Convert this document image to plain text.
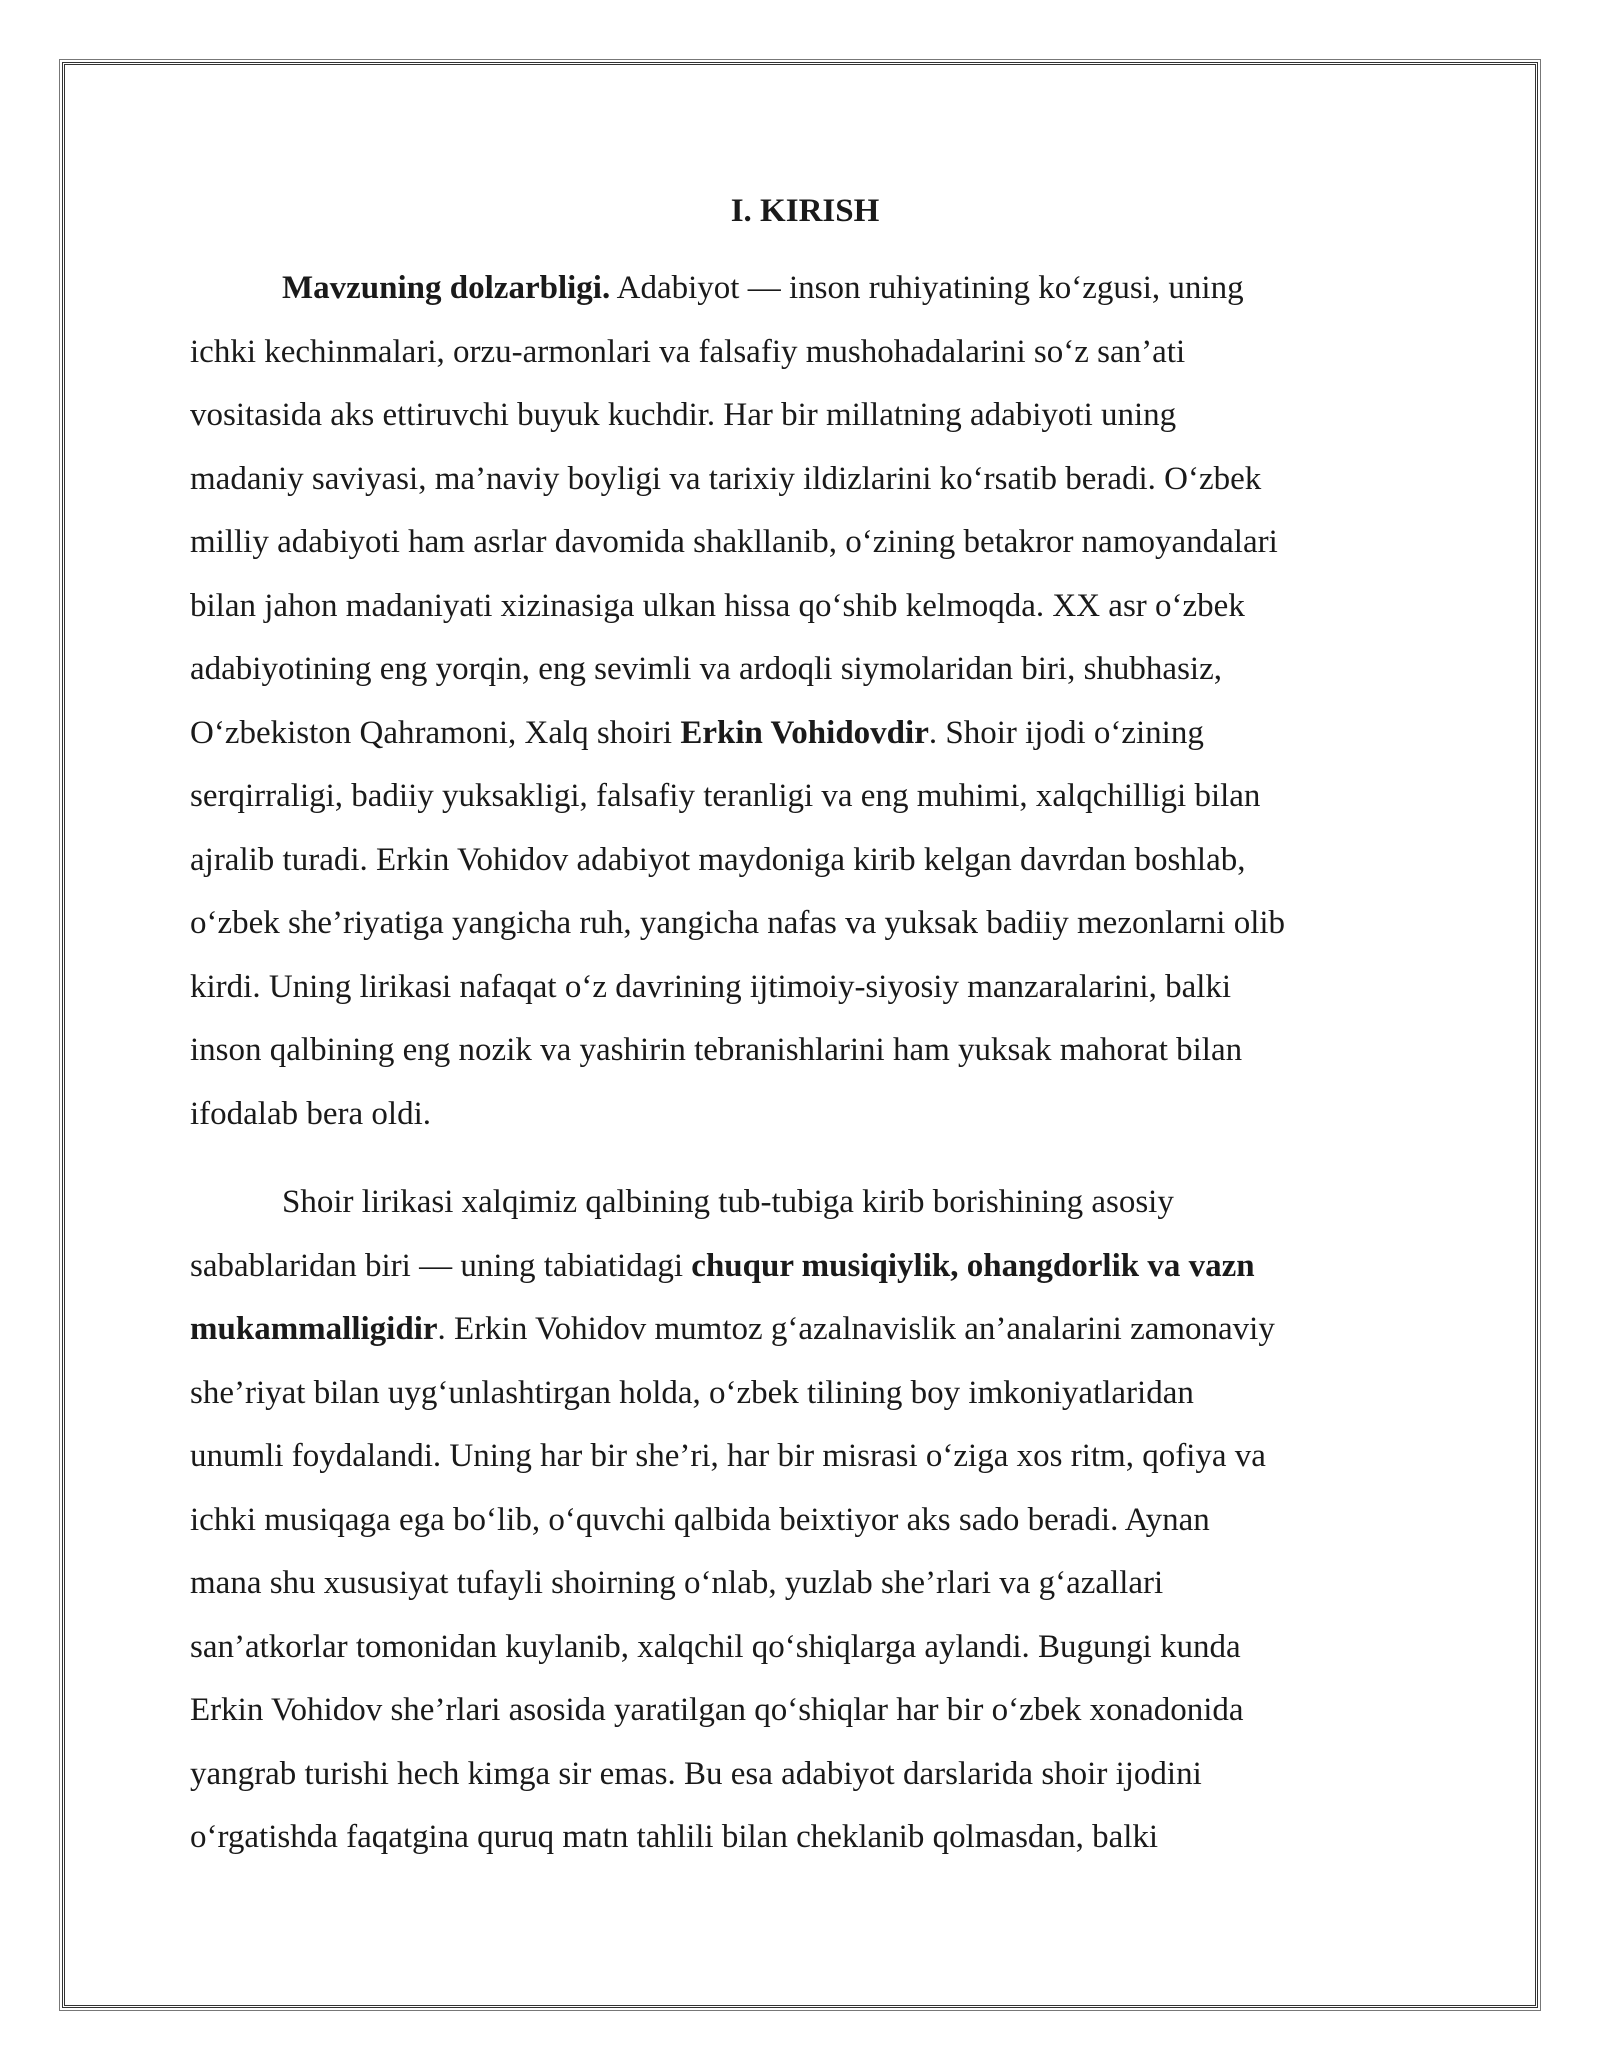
I. KIRISH

Mavzuning dolzarbligi. Adabiyot — inson ruhiyatining ko‘zgusi, uning
ichki kechinmalari, orzu-armonlari va falsafiy mushohadalarini so‘z san’ati
vositasida aks ettiruvchi buyuk kuchdir. Har bir millatning adabiyoti uning
madaniy saviyasi, ma’naviy boyligi va tarixiy ildizlarini ko‘rsatib beradi. O‘zbek
milliy adabiyoti ham asrlar davomida shakllanib, o‘zining betakror namoyandalari
bilan jahon madaniyati xizinasiga ulkan hissa qo‘shib kelmoqda. XX asr o‘zbek
adabiyotining eng yorqin, eng sevimli va ardoqli siymolaridan biri, shubhasiz,
O‘zbekiston Qahramoni, Xalq shoiri Erkin Vohidovdir. Shoir ijodi o‘zining
serqirraligi, badiiy yuksakligi, falsafiy teranligi va eng muhimi, xalqchilligi bilan
ajralib turadi. Erkin Vohidov adabiyot maydoniga kirib kelgan davrdan boshlab,
o‘zbek she’riyatiga yangicha ruh, yangicha nafas va yuksak badiiy mezonlarni olib
kirdi. Uning lirikasi nafaqat o‘z davrining ijtimoiy-siyosiy manzaralarini, balki
inson qalbining eng nozik va yashirin tebranishlarini ham yuksak mahorat bilan
ifodalab bera oldi.

Shoir lirikasi xalqimiz qalbining tub-tubiga kirib borishining asosiy
sabablaridan biri — uning tabiatidagi chuqur musiqiylik, ohangdorlik va vazn
mukammalligidir. Erkin Vohidov mumtoz g‘azalnavislik an’analarini zamonaviy
she’riyat bilan uyg‘unlashtirgan holda, o‘zbek tilining boy imkoniyatlaridan
unumli foydalandi. Uning har bir she’ri, har bir misrasi o‘ziga xos ritm, qofiya va
ichki musiqaga ega bo‘lib, o‘quvchi qalbida beixtiyor aks sado beradi. Aynan
mana shu xususiyat tufayli shoirning o‘nlab, yuzlab she’rlari va g‘azallari
san’atkorlar tomonidan kuylanib, xalqchil qo‘shiqlarga aylandi. Bugungi kunda
Erkin Vohidov she’rlari asosida yaratilgan qo‘shiqlar har bir o‘zbek xonadonida
yangrab turishi hech kimga sir emas. Bu esa adabiyot darslarida shoir ijodini
o‘rgatishda faqatgina quruq matn tahlili bilan cheklanib qolmasdan, balki
